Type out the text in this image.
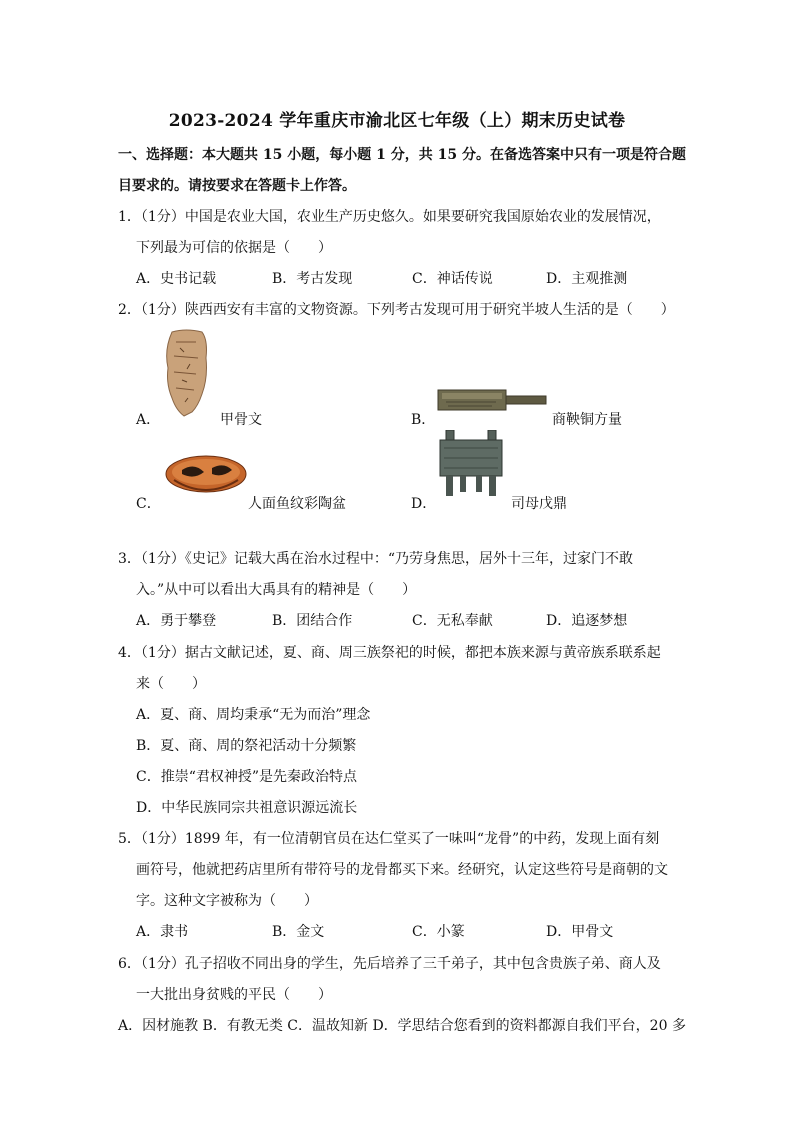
2023-2024 学年重庆市渝北区七年级（上）期末历史试卷
一、选择题：本大题共 15 小题，每小题 1 分，共 15 分。在备选答案中只有一项是符合题
目要求的。请按要求在答题卡上作答。
1．（1分）中国是农业大国，农业生产历史悠久。如果要研究我国原始农业的发展情况，
下列最为可信的依据是（　　）
A．史书记载	B．考古发现	C．神话传说	D．主观推测
2．（1分）陕西西安有丰富的文物资源。下列考古发现可用于研究半坡人生活的是（　　）
A．	甲骨文	B．	商鞅铜方量
C．	人面鱼纹彩陶盆	D．	司母戊鼎
3．（1分）《史记》记载大禹在治水过程中：“乃劳身焦思，居外十三年，过家门不敢
入。”从中可以看出大禹具有的精神是（　　）
A．勇于攀登	B．团结合作	C．无私奉献	D．追逐梦想
4．（1分）据古文献记述，夏、商、周三族祭祀的时候，都把本族来源与黄帝族系联系起
来（　　）
A．夏、商、周均秉承“无为而治”理念
B．夏、商、周的祭祀活动十分频繁
C．推崇“君权神授”是先秦政治特点
D．中华民族同宗共祖意识源远流长
5．（1分）1899 年，有一位清朝官员在达仁堂买了一味叫“龙骨”的中药，发现上面有刻
画符号，他就把药店里所有带符号的龙骨都买下来。经研究，认定这些符号是商朝的文
字。这种文字被称为（　　）
A．隶书	B．金文	C．小篆	D．甲骨文
6．（1分）孔子招收不同出身的学生，先后培养了三千弟子，其中包含贵族子弟、商人及
一大批出身贫贱的平民（　　）
A．因材施教 B．有教无类 C．温故知新 D．学思结合您看到的资料都源自我们平台，20 多
